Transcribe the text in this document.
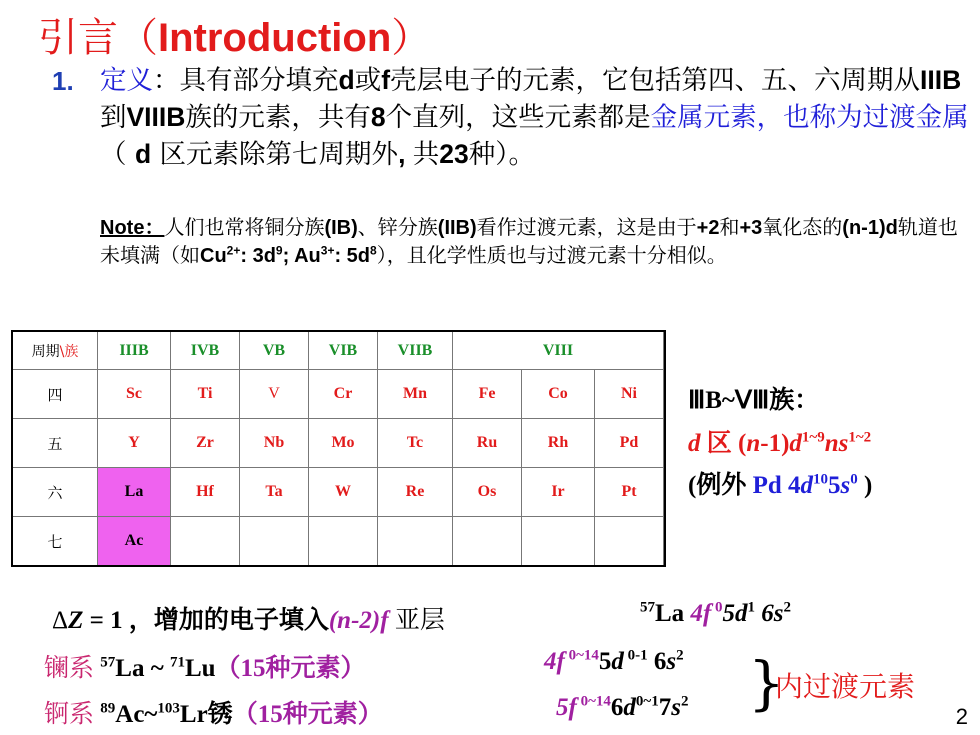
引言（Introduction）
1. 定义：具有部分填充d或f壳层电子的元素，它包括第四、五、六周期从IIIB到VIIIB族的元素，共有8个直列，这些元素都是金属元素，也称为过渡金属（ d 区元素除第七周期外, 共23种）。
Note：人们也常将铜分族(IB)、锌分族(IIB)看作过渡元素，这是由于+2和+3氧化态的(n-1)d轨道也未填满（如$Cu^{2+}$: $3d^9$; $Au^{3+}$: $5d^8$），且化学性质也与过渡元素十分相似。
周期\族	IIIB	IVB	VB	VIB	VIIB	VIII			
四	Sc	Ti	V	Cr	Mn	Fe	Co	Ni	
五	Y	Zr	Nb	Mo	Tc	Ru	Rh	Pd	
六	La	Hf	Ta	W	Re	Os	Ir	Pt	
七	Ac								
ⅢB~ⅤⅢ族：
d 区 $(n-1)d^{1\sim 9}ns^{1\sim 2}$
(例外 Pd $4d^{10}5s^0$ )
ΔZ = 1 ，增加的电子填入(n-2)f 亚层	$^{57}$La 4f $^05d^1$ $6s^2$
镧系 $^{57}$La ~ $^{71}$Lu（15种元素）	4f $^{0\sim 14}$5d $^{0-1}$ $6s^2$
锕系 $^{89}$Ac~$^{103}$Lr锈（15种元素）	5f $^{0\sim 14}6d^{0\sim 1}7s^2$ }
内过渡元素
2
